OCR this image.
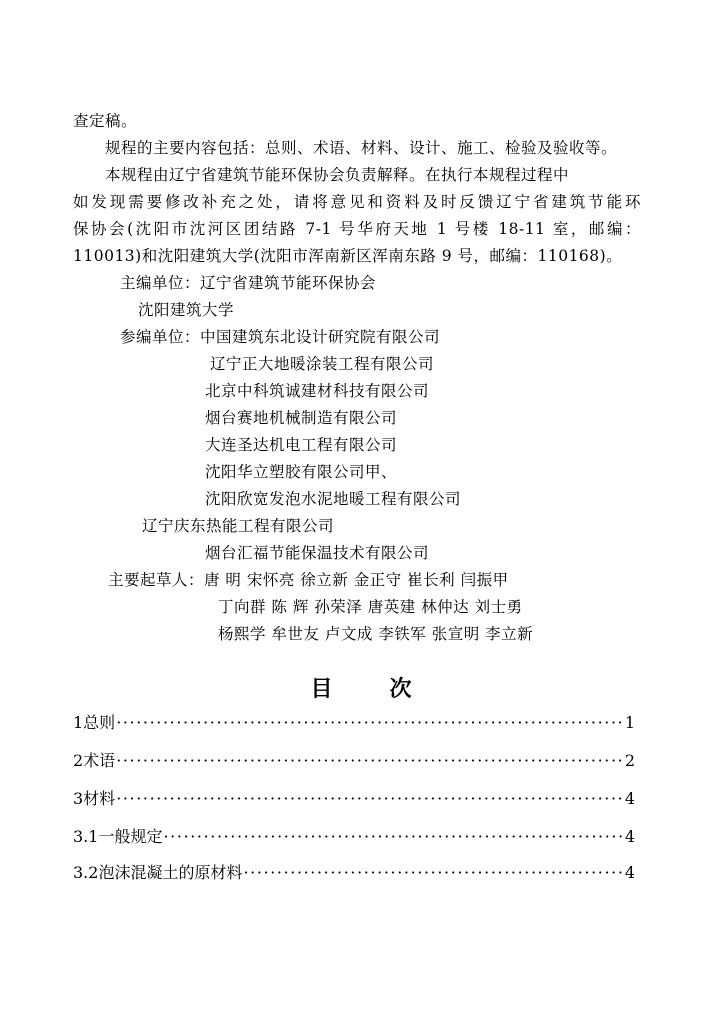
查定稿。
规程的主要内容包括：总则、术语、材料、设计、施工、检验及验收等。
本规程由辽宁省建筑节能环保协会负责解释。在执行本规程过程中
如发现需要修改补充之处，请将意见和资料及时反馈辽宁省建筑节能环
保协会(沈阳市沈河区团结路 7-1 号华府天地 1 号楼 18-11 室，邮编：
110013)和沈阳建筑大学(沈阳市浑南新区浑南东路 9 号，邮编：110168)。
主编单位：辽宁省建筑节能环保协会
沈阳建筑大学
参编单位：中国建筑东北设计研究院有限公司
辽宁正大地暖涂装工程有限公司
北京中科筑诚建材科技有限公司
烟台赛地机械制造有限公司
大连圣达机电工程有限公司
沈阳华立塑胶有限公司甲、
沈阳欣宽发泡水泥地暖工程有限公司
辽宁庆东热能工程有限公司
烟台汇福节能保温技术有限公司
主要起草人：唐 明 宋怀亮 徐立新 金正守 崔长利 闫振甲
丁向群 陈 辉 孙荣泽 唐英建 林仲达 刘士勇
杨熙学 牟世友 卢文成 李铁军 张宣明 李立新
目	次
1总则 ·····	1
2术语 ·····	2
3材料 ·····	4
3.1一般规定 ·····	4
3.2泡沫混凝土的原材料 ·····	4
